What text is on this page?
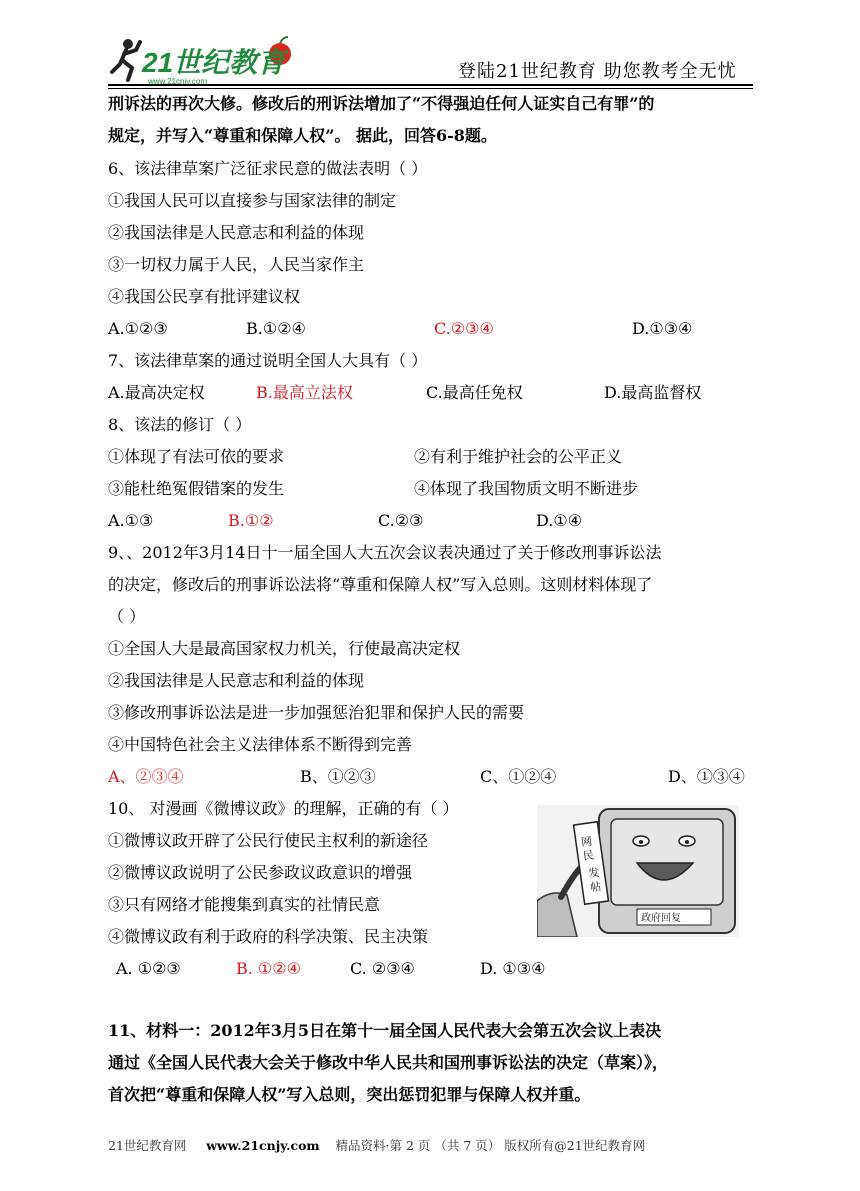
21世纪教育
www.21cnjy.com	登陆21世纪教育 助您教考全无忧
刑诉法的再次大修。修改后的刑诉法增加了“不得强迫任何人证实自己有罪”的
规定，并写入“尊重和保障人权”。 据此，回答6-8题。
6、该法律草案广泛征求民意的做法表明（ ）
①我国人民可以直接参与国家法律的制定
②我国法律是人民意志和利益的体现
③一切权力属于人民，人民当家作主
④我国公民享有批评建议权
A.①②③	B.①②④	C.②③④	D.①③④
7、该法律草案的通过说明全国人大具有（ ）
A.最高决定权	B.最高立法权	C.最高任免权	D.最高监督权
8、该法的修订（ ）
①体现了有法可依的要求	②有利于维护社会的公平正义
③能杜绝冤假错案的发生	④体现了我国物质文明不断进步
A.①③	B.①②	C.②③	D.①④
9、、2012年3月14日十一届全国人大五次会议表决通过了关于修改刑事诉讼法
的决定，修改后的刑事诉讼法将“尊重和保障人权”写入总则。这则材料体现了
（ ）
①全国人大是最高国家权力机关，行使最高决定权
②我国法律是人民意志和利益的体现
③修改刑事诉讼法是进一步加强惩治犯罪和保护人民的需要
④中国特色社会主义法律体系不断得到完善
A、②③④	B、①②③	C、①②④	D、①③④
10、 对漫画《微博议政》的理解，正确的有（ ）
①微博议政开辟了公民行使民主权利的新途径
②微博议政说明了公民参政议政意识的增强
③只有网络才能搜集到真实的社情民意
④微博议政有利于政府的科学决策、民主决策
A. ①②③	B. ①②④	C. ②③④	D. ①③④
网 民 发 帖
政府回复
11、材料一：2012年3月5日在第十一届全国人民代表大会第五次会议上表决
通过《全国人民代表大会关于修改中华人民共和国刑事诉讼法的决定（草案）》，
首次把“尊重和保障人权”写入总则，突出惩罚犯罪与保障人权并重。
21世纪教育网 www.21cnjy.com 精品资料·第 2 页 （共 7 页） 版权所有@21世纪教育网
